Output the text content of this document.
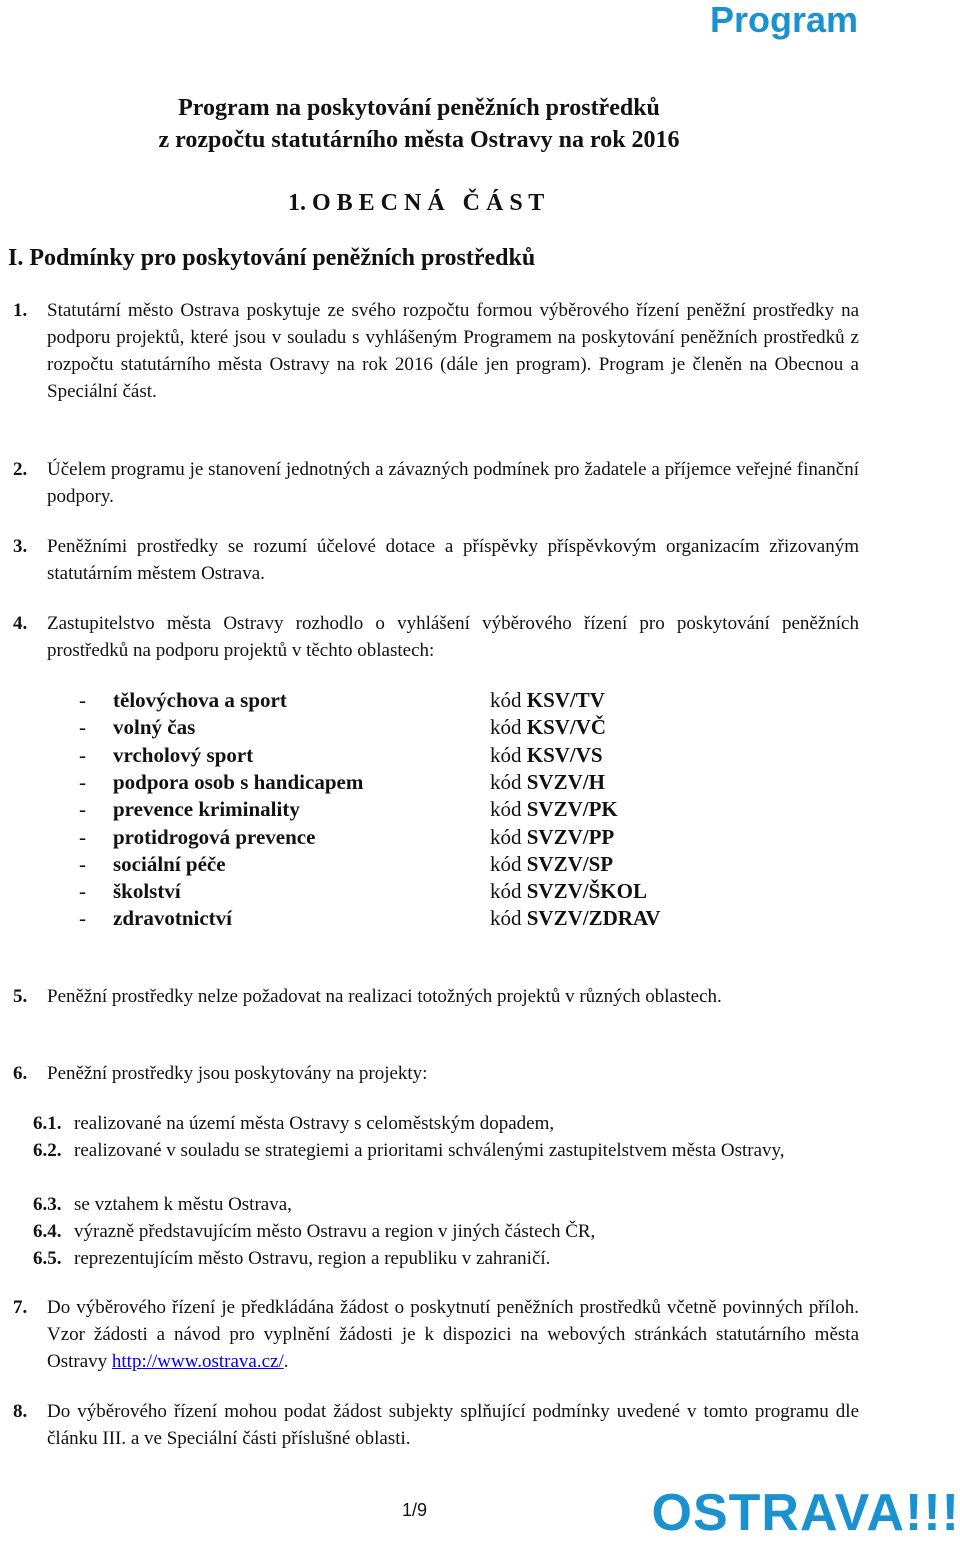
Program
Program na poskytování peněžních prostředků
z rozpočtu statutárního města Ostravy na rok 2016
1. O B E C N Á   Č Á S T
I. Podmínky pro poskytování peněžních prostředků
1. Statutární město Ostrava poskytuje ze svého rozpočtu formou výběrového řízení peněžní prostředky na podporu projektů, které jsou v souladu s vyhlášeným Programem na poskytování peněžních prostředků z rozpočtu statutárního města Ostravy na rok 2016 (dále jen program). Program je členěn na Obecnou a Speciální část.
2. Účelem programu je stanovení jednotných a závazných podmínek pro žadatele a příjemce veřejné finanční podpory.
3. Peněžními prostředky se rozumí účelové dotace a příspěvky příspěvkovým organizacím zřizovaným statutárním městem Ostrava.
4. Zastupitelstvo města Ostravy rozhodlo o vyhlášení výběrového řízení pro poskytování peněžních prostředků na podporu projektů v těchto oblastech:
- tělovýchova a sport	kód KSV/TV
- volný čas	kód KSV/VČ
- vrcholový sport	kód KSV/VS
- podpora osob s handicapem	kód SVZV/H
- prevence kriminality	kód SVZV/PK
- protidrogová prevence	kód SVZV/PP
- sociální péče	kód SVZV/SP
- školství	kód SVZV/ŠKOL
- zdravotnictví	kód SVZV/ZDRAV
5. Peněžní prostředky nelze požadovat na realizaci totožných projektů v různých oblastech.
6. Peněžní prostředky jsou poskytovány na projekty:
6.1. realizované na území města Ostravy s celoměstským dopadem,
6.2. realizované v souladu se strategiemi a prioritami schválenými zastupitelstvem města Ostravy,
6.3. se vztahem k městu Ostrava,
6.4. výrazně představujícím město Ostravu a region v jiných částech ČR,
6.5. reprezentujícím město Ostravu, region a republiku v zahraničí.
7. Do výběrového řízení je předkládána žádost o poskytnutí peněžních prostředků včetně povinných příloh. Vzor žádosti a návod pro vyplnění žádosti je k dispozici na webových stránkách statutárního města Ostravy http://www.ostrava.cz/.
8. Do výběrového řízení mohou podat žádost subjekty splňující podmínky uvedené v tomto programu dle článku III. a ve Speciální části příslušné oblasti.
1/9	OSTRAVA!!!
